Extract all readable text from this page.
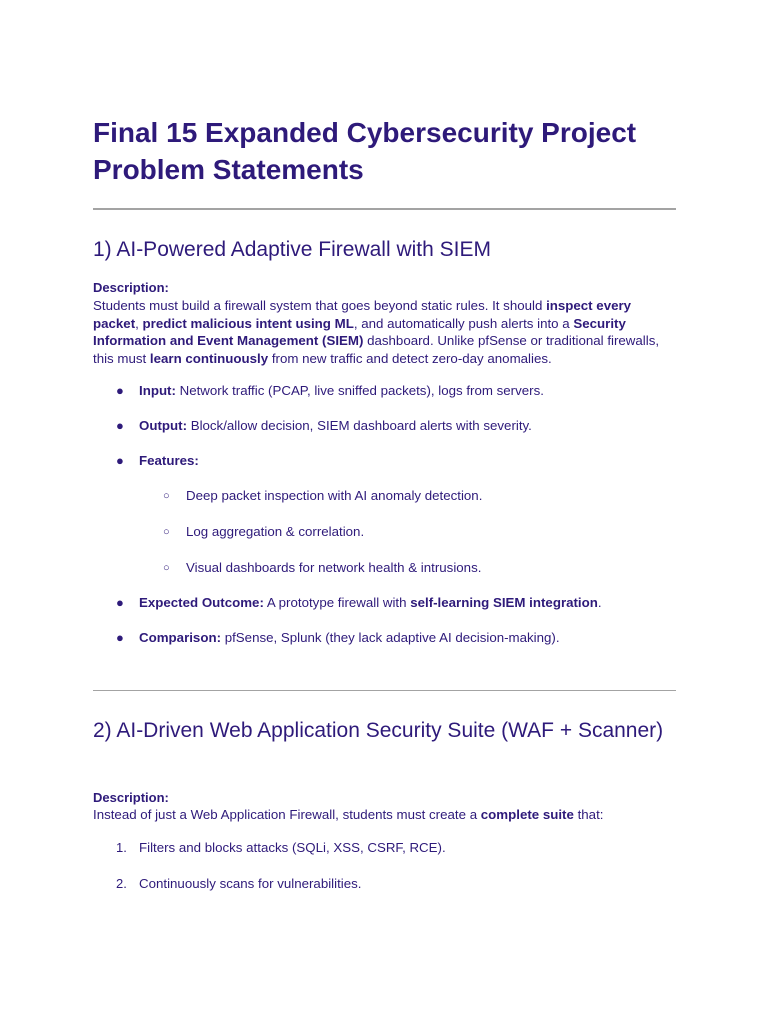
Final 15 Expanded Cybersecurity Project Problem Statements
1) AI-Powered Adaptive Firewall with SIEM
Description:

Students must build a firewall system that goes beyond static rules. It should inspect every packet, predict malicious intent using ML, and automatically push alerts into a Security Information and Event Management (SIEM) dashboard. Unlike pfSense or traditional firewalls, this must learn continuously from new traffic and detect zero-day anomalies.

● Input: Network traffic (PCAP, live sniffed packets), logs from servers.
● Output: Block/allow decision, SIEM dashboard alerts with severity.
● Features:
○ Deep packet inspection with AI anomaly detection.
○ Log aggregation & correlation.
○ Visual dashboards for network health & intrusions.
● Expected Outcome: A prototype firewall with self-learning SIEM integration.
● Comparison: pfSense, Splunk (they lack adaptive AI decision-making).
2) AI-Driven Web Application Security Suite (WAF + Scanner)
Description:

Instead of just a Web Application Firewall, students must create a complete suite that:

1. Filters and blocks attacks (SQLi, XSS, CSRF, RCE).
2. Continuously scans for vulnerabilities.
